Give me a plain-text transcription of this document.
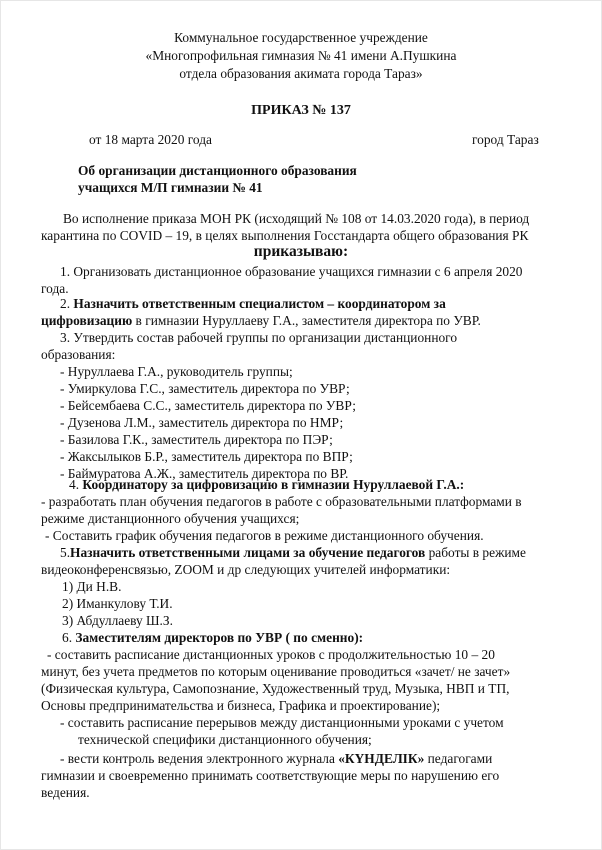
Коммунальное государственное учреждение
«Многопрофильная гимназия № 41 имени А.Пушкина
отдела образования акимата города Тараз»
ПРИКАЗ № 137
от 18 марта 2020 года	город Тараз
Об организации дистанционного образования
учащихся М/П гимназии № 41
Во исполнение приказа МОН РК (исходящий № 108 от 14.03.2020 года), в период
карантина по COVID – 19, в целях выполнения Госстандарта общего образования РК
приказываю:
1. Организовать дистанционное образование учащихся гимназии с 6 апреля 2020
года.
2. Назначить ответственным специалистом – координатором за
цифровизацию в гимназии Нуруллаеву Г.А., заместителя директора по УВР.
3. Утвердить состав рабочей группы по организации дистанционного
образования:
- Нуруллаева Г.А., руководитель группы;
- Умиркулова Г.С., заместитель директора по УВР;
- Бейсембаева С.С., заместитель директора по УВР;
- Дузенова Л.М., заместитель директора по НМР;
- Базилова Г.К., заместитель директора по ПЭР;
- Жаксылыков Б.Р., заместитель директора по ВПР;
- Баймуратова А.Ж., заместитель директора по ВР.
4. Координатору за цифровизацию в гимназии Нуруллаевой Г.А.:
- разработать план обучения педагогов в работе с образовательными платформами в
режиме дистанционного обучения учащихся;
- Составить график обучения педагогов в режиме дистанционного обучения.
5.Назначить ответственными лицами за обучение педагогов работы в режиме
видеоконференсвязью, ZOOM и др следующих учителей информатики:
1) Ди Н.В.
2) Иманкулову Т.И.
3) Абдуллаеву Ш.З.
6. Заместителям директоров по УВР ( по сменно):
- составить расписание дистанционных уроков с продолжительностью 10 – 20
минут, без учета предметов по которым оценивание проводиться «зачет/ не зачет»
(Физическая культура, Самопознание, Художественный труд, Музыка, НВП и ТП,
Основы предпринимательства и бизнеса, Графика и проектирование);
- составить расписание перерывов между дистанционными уроками с учетом
технической специфики дистанционного обучения;
- вести контроль ведения электронного журнала «КҮНДЕЛІК» педагогами
гимназии и своевременно принимать соответствующие меры по нарушению его
ведения.
